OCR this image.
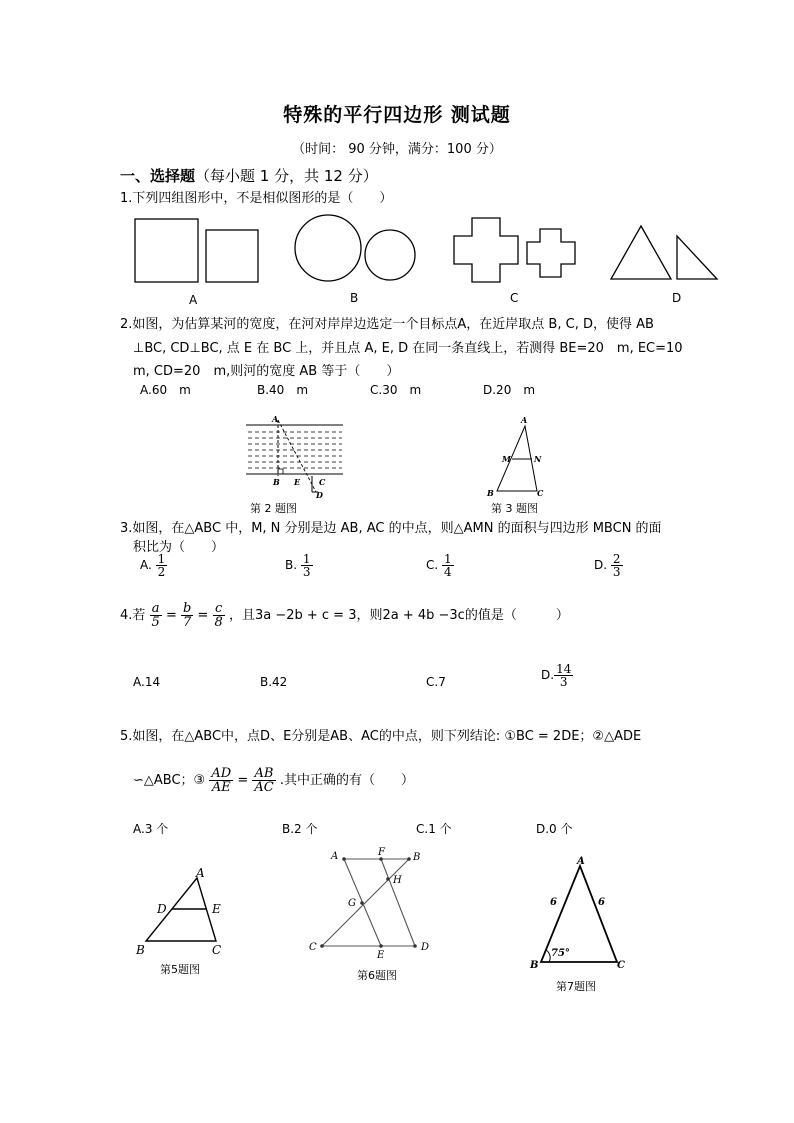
特殊的平行四边形 测试题
（时间： 90 分钟，满分：100 分）
一、选择题（每小题 1 分，共 12 分）
1.下列四组图形中，不是相似图形的是（　　）
A	B	C	D
2.如图，为估算某河的宽度，在河对岸岸边选定一个目标点A，在近岸取点 B, C, D，使得 AB
⊥BC, CD⊥BC, 点 E 在 BC 上，并且点 A, E, D 在同一条直线上，若测得 BE=20　m, EC=10
m, CD=20　m,则河的宽度 AB 等于（　　）
A.60　m	B.40　m	C.30　m	D.20　m
A
B E C
D
第 2 题图
A
M	N
B	C
第 3 题图
3.如图，在△ABC 中，M, N 分别是边 AB, AC 的中点，则△AMN 的面积与四边形 MBCN 的面
积比为（　　）
A. $\frac{1}{2}$	B. $\frac{1}{3}$	C. $\frac{1}{4}$	D. $\frac{2}{3}$
4.若 $\frac{a}{5} = \frac{b}{7} = \frac{c}{8}$ ，且3a −2b + c = 3，则2a + 4b −3c的值是（　　　）
A.14	B.42	C.7	D. $\frac{14}{3}$
5.如图，在△ABC中，点D、E分别是AB、AC的中点，则下列结论: ①BC = 2DE；②△ADE
∽△ABC；③ $\frac{AD}{AE} = \frac{AB}{AC}$ .其中正确的有（　　）
A.3 个	B.2 个	C.1 个	D.0 个
A
D	E
B	C
第5题图
A	F	B
H
G
C
E
D
第6题图
A
B	C
6	6
75°
第7题图
